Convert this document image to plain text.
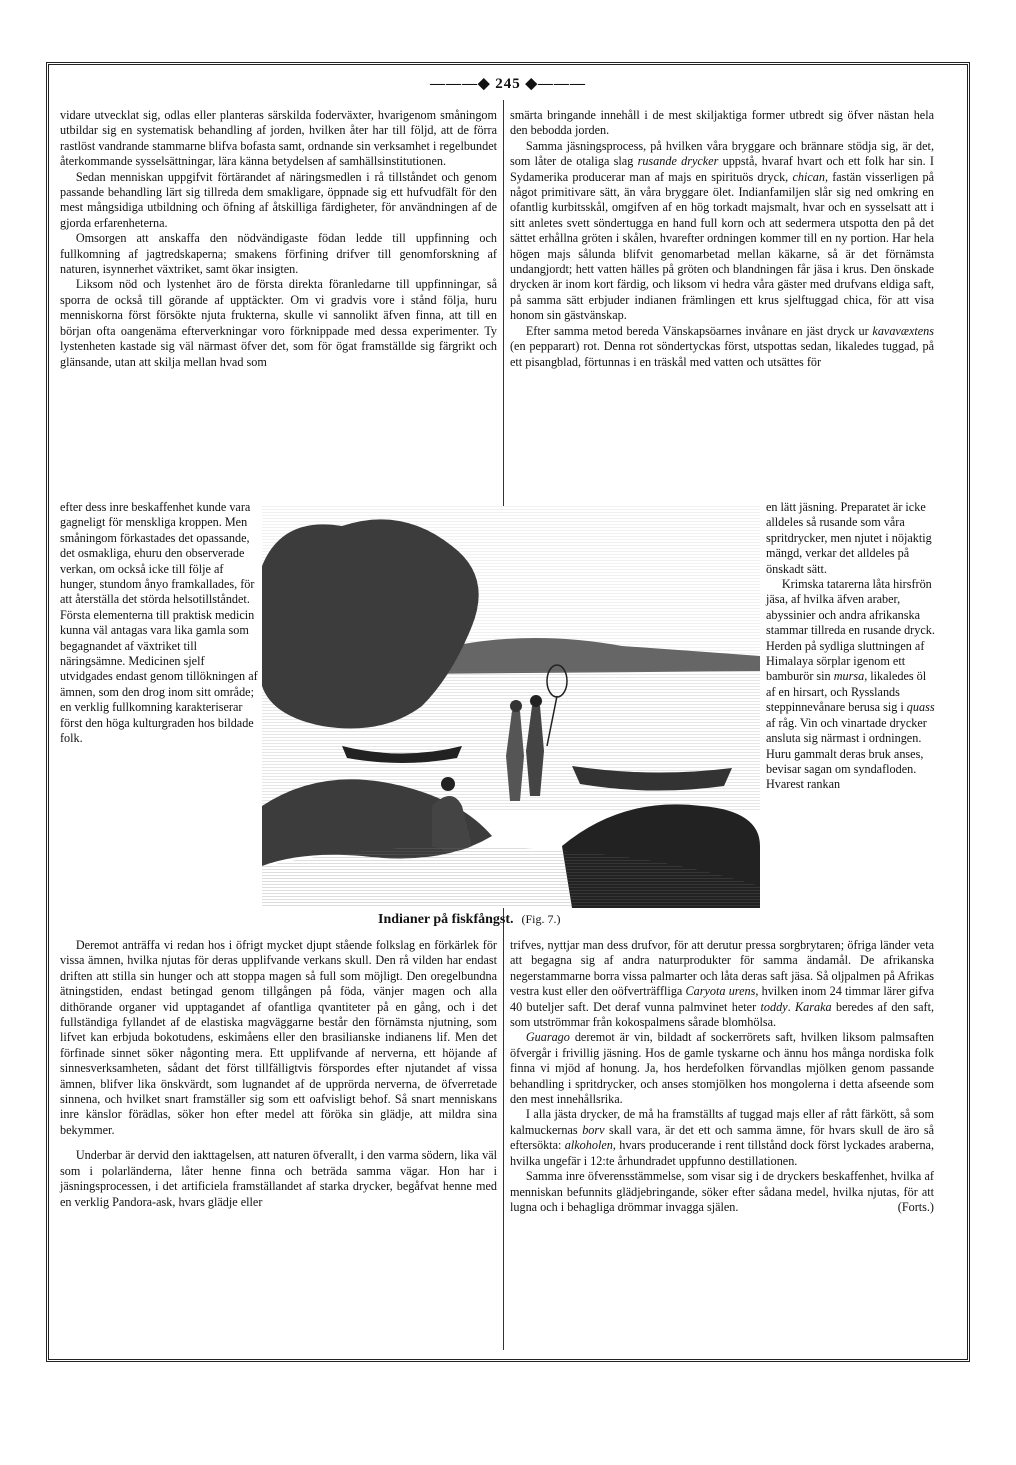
———◆ 245 ◆———

vidare utvecklat sig, odlas eller planteras särskilda foderväxter, hvarigenom småningom utbildar sig en systematisk behandling af jorden, hvilken åter har till följd, att de förra rastlöst vandrande stammarne blifva bofasta samt, ordnande sin verksamhet i regelbundet återkommande sysselsättningar, lära känna betydelsen af samhällsinstitutionen.

Sedan menniskan uppgifvit förtärandet af näringsmedlen i rå tillståndet och genom passande behandling lärt sig tillreda dem smakligare, öppnade sig ett hufvudfält för den mest mångsidiga utbildning och öfning af åtskilliga färdigheter, för användningen af de gjorda erfarenheterna.

Omsorgen att anskaffa den nödvändigaste födan ledde till uppfinning och fullkomning af jagtredskaperna; smakens förfining drifver till genomforskning af naturen, isynnerhet växtriket, samt ökar insigten.

Liksom nöd och lystenhet äro de första direkta föranledarne till uppfinningar, så sporra de också till görande af upptäckter. Om vi gradvis vore i stånd följa, huru menniskorna först försökte njuta frukterna, skulle vi sannolikt äfven finna, att till en början ofta oangenäma efterverkningar voro förknippade med dessa experimenter. Ty lystenheten kastade sig väl närmast öfver det, som för ögat framställde sig färgrikt och glänsande, utan att skilja mellan hvad som

smärta bringande innehåll i de mest skiljaktiga former utbredt sig öfver nästan hela den bebodda jorden.

Samma jäsningsprocess, på hvilken våra bryggare och brännare stödja sig, är det, som låter de otaliga slag rusande drycker uppstå, hvaraf hvart och ett folk har sin. I Sydamerika producerar man af majs en spirituös dryck, chican, fastän visserligen på något primitivare sätt, än våra bryggare ölet. Indianfamiljen slår sig ned omkring en ofantlig kurbitsskål, omgifven af en hög torkadt majsmalt, hvar och en sysselsatt att i sitt anletes svett söndertugga en hand full korn och att sedermera utspotta den på det sättet erhållna gröten i skålen, hvarefter ordningen kommer till en ny portion. Har hela högen majs sålunda blifvit genomarbetad mellan käkarne, så är det förnämsta undangjordt; hett vatten hälles på gröten och blandningen får jäsa i krus. Den önskade drycken är inom kort färdig, och liksom vi hedra våra gäster med drufvans eldiga saft, på samma sätt erbjuder indianen främlingen ett krus sjelftuggad chica, för att visa honom sin gästvänskap.

Efter samma metod bereda Vänskapsöarnes invånare en jäst dryck ur kavavæxtens (en pepparart) rot. Denna rot söndertyckas först, utspottas sedan, likaledes tuggad, på ett pisangblad, förtunnas i en träskål med vatten och utsättes för

efter dess inre beskaffenhet kunde vara gagneligt för menskliga kroppen. Men småningom förkastades det opassande, det osmakliga, ehuru den observerade verkan, om också icke till följe af hunger, stundom ånyo framkallades, för att återställa det störda helsotillståndet. Första elementerna till praktisk medicin kunna väl antagas vara lika gamla som begagnandet af växtriket till näringsämne. Medicinen sjelf utvidgades endast genom tillökningen af ämnen, som den drog inom sitt område; en verklig fullkomning karakteriserar först den höga kulturgraden hos bildade folk.

Indianer på fiskfångst. (Fig. 7.)

en lätt jäsning. Preparatet är icke alldeles så rusande som våra spritdrycker, men njutet i nöjaktig mängd, verkar det alldeles på önskadt sätt.

Krimska tatarerna låta hirsfrön jäsa, af hvilka äfven araber, abyssinier och andra afrikanska stammar tillreda en rusande dryck. Herden på sydliga sluttningen af Himalaya sörplar igenom ett bamburör sin mursa, likaledes öl af en hirsart, och Rysslands steppinnevånare berusa sig i quass af råg. Vin och vinartade drycker ansluta sig närmast i ordningen. Huru gammalt deras bruk anses, bevisar sagan om syndafloden. Hvarest rankan

Deremot anträffa vi redan hos i öfrigt mycket djupt stående folkslag en förkärlek för vissa ämnen, hvilka njutas för deras upplifvande verkans skull. Den rå vilden har endast driften att stilla sin hunger och att stoppa magen så full som möjligt. Den oregelbundna ätningstiden, endast betingad genom tillgången på föda, vänjer magen och alla dithörande organer vid upptagandet af ofantliga qvantiteter på en gång, och i det fullständiga fyllandet af de elastiska magväggarne består den förnämsta njutning, som lifvet kan erbjuda bokotudens, eskimåens eller den brasilianske indianens lif. Men det förfinade sinnet söker någonting mera. Ett upplifvande af nerverna, ett höjande af sinnesverksamheten, sådant det först tillfälligtvis förspordes efter njutandet af vissa ämnen, blifver lika önskvärdt, som lugnandet af de upprörda nerverna, de öfverretade sinnena, och hvilket snart framställer sig som ett oafvisligt behof. Så snart menniskans inre känslor förädlas, söker hon efter medel att föröka sin glädje, att mildra sina bekymmer.

Underbar är dervid den iakttagelsen, att naturen öfverallt, i den varma södern, lika väl som i polarländerna, låter henne finna och beträda samma vägar. Hon har i jäsningsprocessen, i det artificiela framställandet af starka drycker, begåfvat henne med en verklig Pandora-ask, hvars glädje eller

trifves, nyttjar man dess drufvor, för att derutur pressa sorgbrytaren; öfriga länder veta att begagna sig af andra naturprodukter för samma ändamål. De afrikanska negerstammarne borra vissa palmarter och låta deras saft jäsa. Så oljpalmen på Afrikas vestra kust eller den oöfverträffliga Caryota urens, hvilken inom 24 timmar lärer gifva 40 buteljer saft. Det deraf vunna palmvinet heter toddy. Karaka beredes af den saft, som utströmmar från kokospalmens sårade blomhölsa.

Guarago deremot är vin, bildadt af sockerrörets saft, hvilken liksom palmsaften öfvergår i frivillig jäsning. Hos de gamle tyskarne och ännu hos många nordiska folk finna vi mjöd af honung. Ja, hos herdefolken förvandlas mjölken genom passande behandling i spritdrycker, och anses stomjölken hos mongolerna i detta afseende som den mest innehållsrika.

I alla jästa drycker, de må ha framställts af tuggad majs eller af rått färkött, så som kalmuckernas borv skall vara, är det ett och samma ämne, för hvars skull de äro så eftersökta: alkoholen, hvars producerande i rent tillstånd dock först lyckades araberna, hvilka ungefär i 12:te århundradet uppfunno destillationen.

Samma inre öfverensstämmelse, som visar sig i de dryckers beskaffenhet, hvilka af menniskan befunnits glädjebringande, söker efter sådana medel, hvilka njutas, för att lugna och i behagliga drömmar invagga själen.	(Forts.)
